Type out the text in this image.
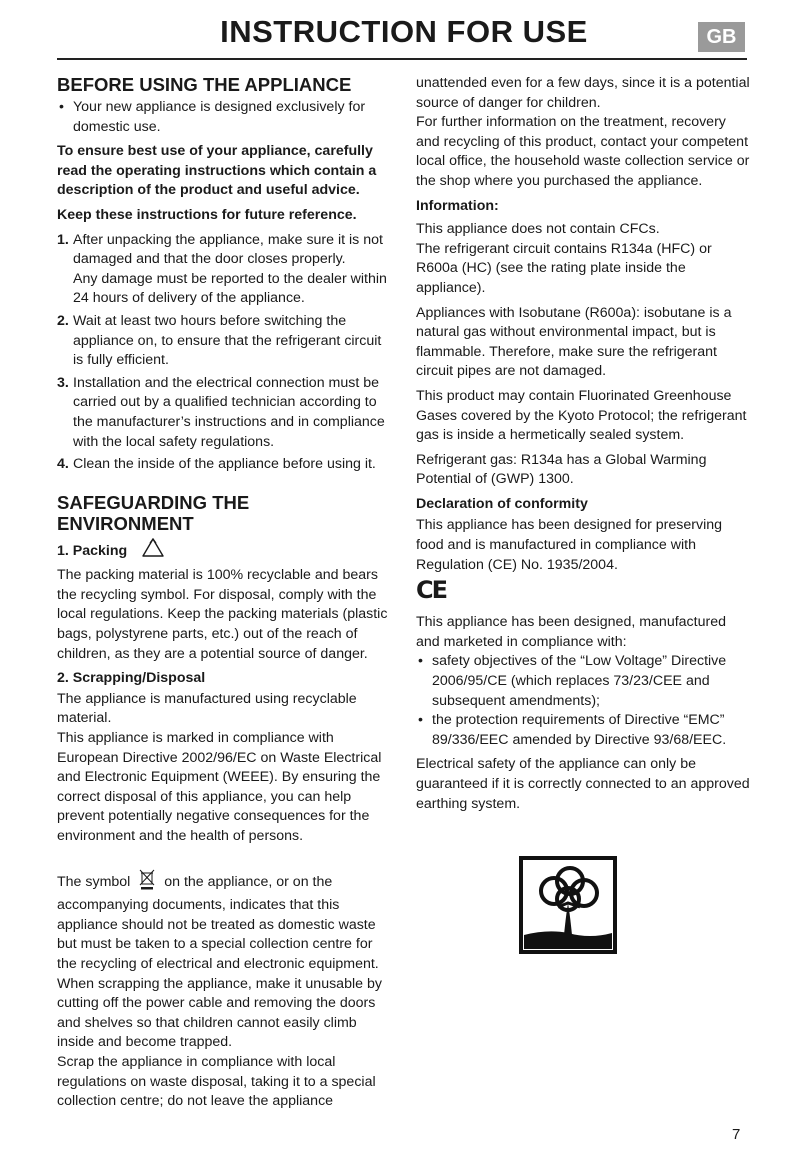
INSTRUCTION FOR USE	GB
BEFORE USING THE APPLIANCE
• Your new appliance is designed exclusively for domestic use.

To ensure best use of your appliance, carefully read the operating instructions which contain a description of the product and useful advice.

Keep these instructions for future reference.

1. After unpacking the appliance, make sure it is not damaged and that the door closes properly.
Any damage must be reported to the dealer within 24 hours of delivery of the appliance.
2. Wait at least two hours before switching the appliance on, to ensure that the refrigerant circuit is fully efficient.
3. Installation and the electrical connection must be carried out by a qualified technician according to the manufacturer’s instructions and in compliance with the local safety regulations.
4. Clean the inside of the appliance before using it.
SAFEGUARDING THE ENVIRONMENT
1. Packing

The packing material is 100% recyclable and bears the recycling symbol. For disposal, comply with the local regulations. Keep the packing materials (plastic bags, polystyrene parts, etc.) out of the reach of children, as they are a potential source of danger.

2. Scrapping/Disposal

The appliance is manufactured using recyclable material.

This appliance is marked in compliance with European Directive 2002/96/EC on Waste Electrical and Electronic Equipment (WEEE). By ensuring the correct disposal of this appliance, you can help prevent potentially negative consequences for the environment and the health of persons.

The symbol on the appliance, or on the accompanying documents, indicates that this appliance should not be treated as domestic waste but must be taken to a special collection centre for the recycling of electrical and electronic equipment.

When scrapping the appliance, make it unusable by cutting off the power cable and removing the doors and shelves so that children cannot easily climb inside and become trapped.

Scrap the appliance in compliance with local regulations on waste disposal, taking it to a special collection centre; do not leave the appliance

unattended even for a few days, since it is a potential source of danger for children.

For further information on the treatment, recovery and recycling of this product, contact your competent local office, the household waste collection service or the shop where you purchased the appliance.

Information:

This appliance does not contain CFCs.

The refrigerant circuit contains R134a (HFC) or R600a (HC) (see the rating plate inside the appliance).

Appliances with Isobutane (R600a): isobutane is a natural gas without environmental impact, but is flammable. Therefore, make sure the refrigerant circuit pipes are not damaged.

This product may contain Fluorinated Greenhouse Gases covered by the Kyoto Protocol; the refrigerant gas is inside a hermetically sealed system.

Refrigerant gas: R134a has a Global Warming Potential of (GWP) 1300.

Declaration of conformity

This appliance has been designed for preserving food and is manufactured in compliance with Regulation (CE) No. 1935/2004.

CE

This appliance has been designed, manufactured and marketed in compliance with:

• safety objectives of the “Low Voltage” Directive 2006/95/CE (which replaces 73/23/CEE and subsequent amendments);
• the protection requirements of Directive “EMC” 89/336/EEC amended by Directive 93/68/EEC.

Electrical safety of the appliance can only be guaranteed if it is correctly connected to an approved earthing system.

7
